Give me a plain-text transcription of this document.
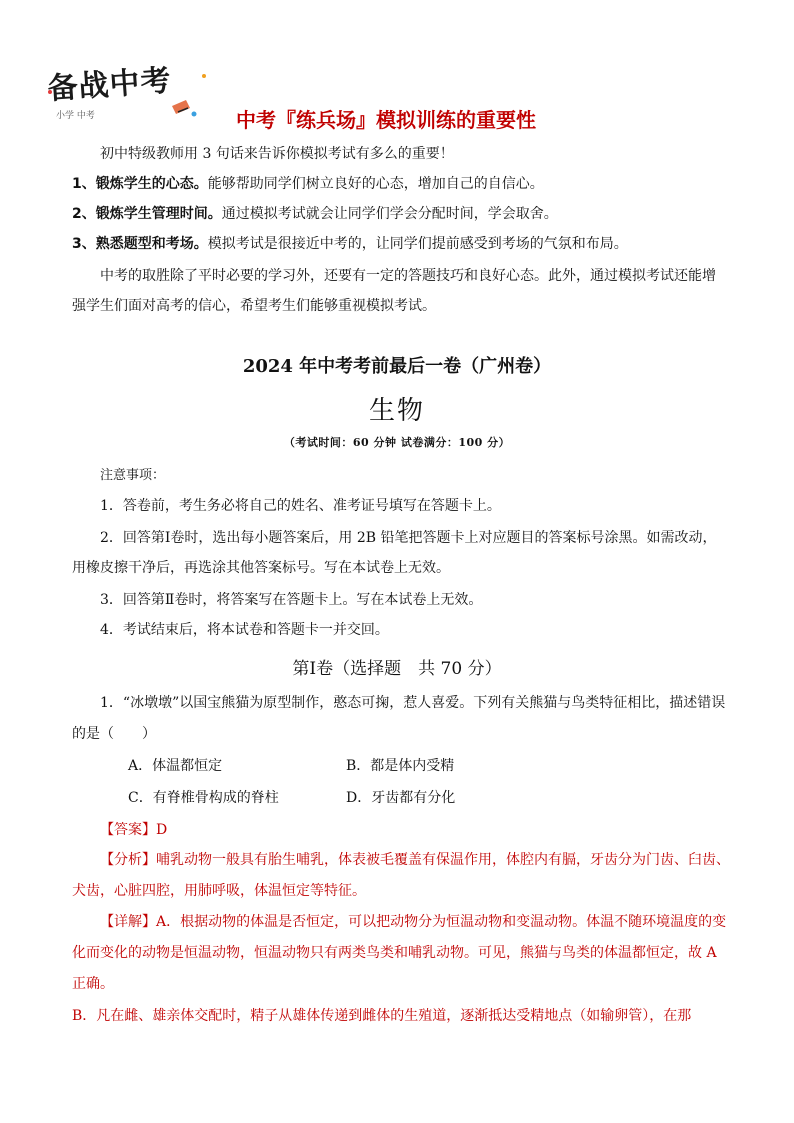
备战中考
小学 中考	中考『练兵场』模拟训练的重要性
初中特级教师用 3 句话来告诉你模拟考试有多么的重要！
1、锻炼学生的心态。能够帮助同学们树立良好的心态，增加自己的自信心。
2、锻炼学生管理时间。通过模拟考试就会让同学们学会分配时间，学会取舍。
3、熟悉题型和考场。模拟考试是很接近中考的，让同学们提前感受到考场的气氛和布局。
中考的取胜除了平时必要的学习外，还要有一定的答题技巧和良好心态。此外，通过模拟考试还能增
强学生们面对高考的信心，希望考生们能够重视模拟考试。
2024 年中考考前最后一卷（广州卷）
生物
（考试时间：60 分钟 试卷满分：100 分）
注意事项：
1．答卷前，考生务必将自己的姓名、准考证号填写在答题卡上。
2．回答第Ⅰ卷时，选出每小题答案后，用 2B 铅笔把答题卡上对应题目的答案标号涂黑。如需改动，
用橡皮擦干净后，再选涂其他答案标号。写在本试卷上无效。
3．回答第Ⅱ卷时，将答案写在答题卡上。写在本试卷上无效。
4．考试结束后，将本试卷和答题卡一并交回。
第Ⅰ卷（选择题　共 70 分）
1．“冰墩墩”以国宝熊猫为原型制作，憨态可掬，惹人喜爱。下列有关熊猫与鸟类特征相比，描述错误
的是（　　）
A．体温都恒定	B．都是体内受精
C．有脊椎骨构成的脊柱	D．牙齿都有分化
【答案】D
【分析】哺乳动物一般具有胎生哺乳，体表被毛覆盖有保温作用，体腔内有膈，牙齿分为门齿、臼齿、
犬齿，心脏四腔，用肺呼吸，体温恒定等特征。
【详解】A．根据动物的体温是否恒定，可以把动物分为恒温动物和变温动物。体温不随环境温度的变
化而变化的动物是恒温动物，恒温动物只有两类鸟类和哺乳动物。可见，熊猫与鸟类的体温都恒定，故 A
正确。
B．凡在雌、雄亲体交配时，精子从雄体传递到雌体的生殖道，逐渐抵达受精地点（如输卵管），在那
